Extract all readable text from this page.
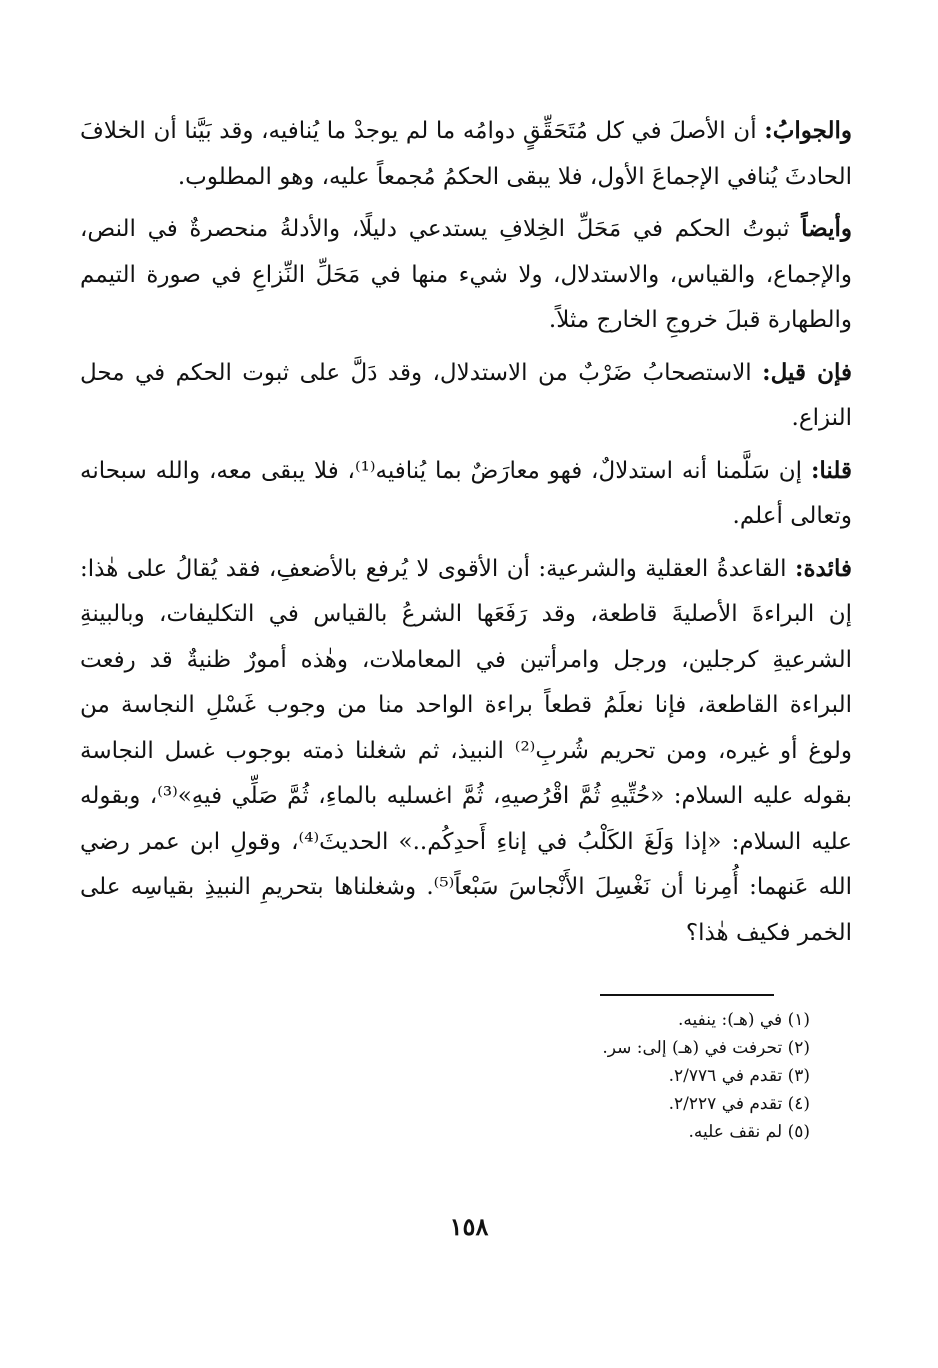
والجوابُ: أن الأصلَ في كل مُتَحَقِّقٍ دوامُه ما لم يوجدْ ما يُنافيه، وقد بَيَّنا أن الخلافَ الحادثَ يُنافي الإجماعَ الأول، فلا يبقى الحكمُ مُجمعاً عليه، وهو المطلوب.

وأيضاً ثبوتُ الحكم في مَحَلِّ الخِلافِ يستدعي دليلًا، والأدلةُ منحصرةٌ في النص، والإجماع، والقياس، والاستدلال، ولا شيء منها في مَحَلِّ النِّزاعِ في صورة التيمم والطهارة قبلَ خروجِ الخارج مثلاً.

فإن قيل: الاستصحابُ ضَرْبٌ من الاستدلال، وقد دَلَّ على ثبوت الحكم في محل النزاع.

قلنا: إن سَلَّمنا أنه استدلالٌ، فهو معارَضٌ بما يُنافيه⁽¹⁾، فلا يبقى معه، والله سبحانه وتعالى أعلم.

فائدة: القاعدةُ العقلية والشرعية: أن الأقوى لا يُرفع بالأضعفِ، فقد يُقالُ على هٰذا: إن البراءةَ الأصليةَ قاطعة، وقد رَفَعَها الشرعُ بالقياس في التكليفات، وبالبينةِ الشرعيةِ كرجلين، ورجل وامرأتين في المعاملات، وهٰذه أمورٌ ظنيةٌ قد رفعت البراءة القاطعة، فإنا نعلَمُ قطعاً براءة الواحد منا من وجوب غَسْلِ النجاسة من ولوغ أو غيره، ومن تحريم شُربِ⁽²⁾ النبيذ، ثم شغلنا ذمته بوجوب غسل النجاسة بقوله عليه السلام: «حُتِّيهِ ثُمَّ اقْرُصيهِ، ثُمَّ اغسليه بالماءِ، ثُمَّ صَلِّي فيهِ»⁽³⁾، وبقوله عليه السلام: «إذا وَلَغَ الكَلْبُ في إناءِ أَحدِكُم..» الحديثَ⁽⁴⁾، وقولِ ابن عمر رضي الله عَنهما: أُمِرنا أن نَغْسِلَ الأَنْجاسَ سَبْعاً⁽⁵⁾. وشغلناها بتحريمِ النبيذِ بقياسِه على الخمر فكيف هٰذا؟

(١) في (هـ): ينفيه.

(٢) تحرفت في (هـ) إلى: سر.

(٣) تقدم في ٢/٧٧٦.

(٤) تقدم في ٢/٢٢٧.

(٥) لم نقف عليه.

١٥٨
